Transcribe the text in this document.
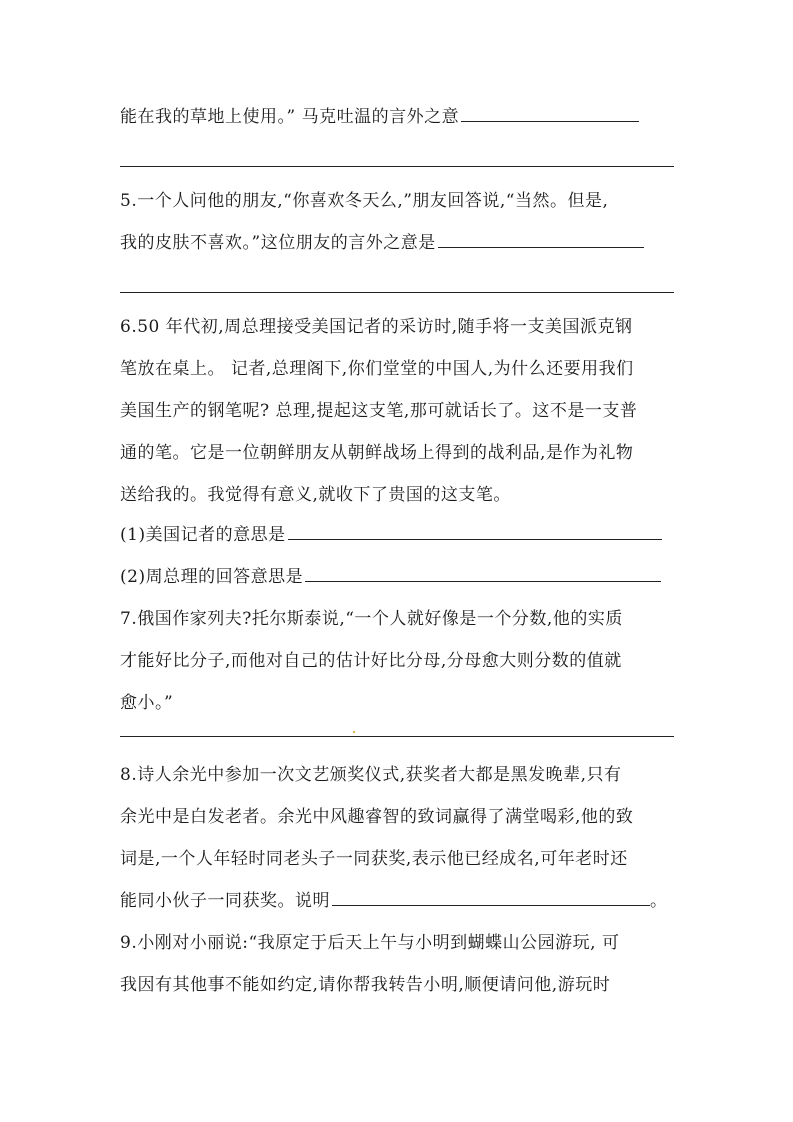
能在我的草地上使用。” 马克吐温的言外之意
5.一个人问他的朋友,“你喜欢冬天么,”朋友回答说,“当然。但是,
我的皮肤不喜欢。”这位朋友的言外之意是
6.50 年代初,周总理接受美国记者的采访时,随手将一支美国派克钢
笔放在桌上。 记者,总理阁下,你们堂堂的中国人,为什么还要用我们
美国生产的钢笔呢? 总理,提起这支笔,那可就话长了。这不是一支普
通的笔。它是一位朝鲜朋友从朝鲜战场上得到的战利品,是作为礼物
送给我的。我觉得有意义,就收下了贵国的这支笔。
(1)美国记者的意思是
(2)周总理的回答意思是
7.俄国作家列夫?托尔斯泰说,“一个人就好像是一个分数,他的实质
才能好比分子,而他对自己的估计好比分母,分母愈大则分数的值就
愈小。”
8.诗人余光中参加一次文艺颁奖仪式,获奖者大都是黑发晚辈,只有
余光中是白发老者。余光中风趣睿智的致词赢得了满堂喝彩,他的致
词是,一个人年轻时同老头子一同获奖,表示他已经成名,可年老时还
能同小伙子一同获奖。说明	。
9.小刚对小丽说:“我原定于后天上午与小明到蝴蝶山公园游玩, 可
我因有其他事不能如约定,请你帮我转告小明,顺便请问他,游玩时
